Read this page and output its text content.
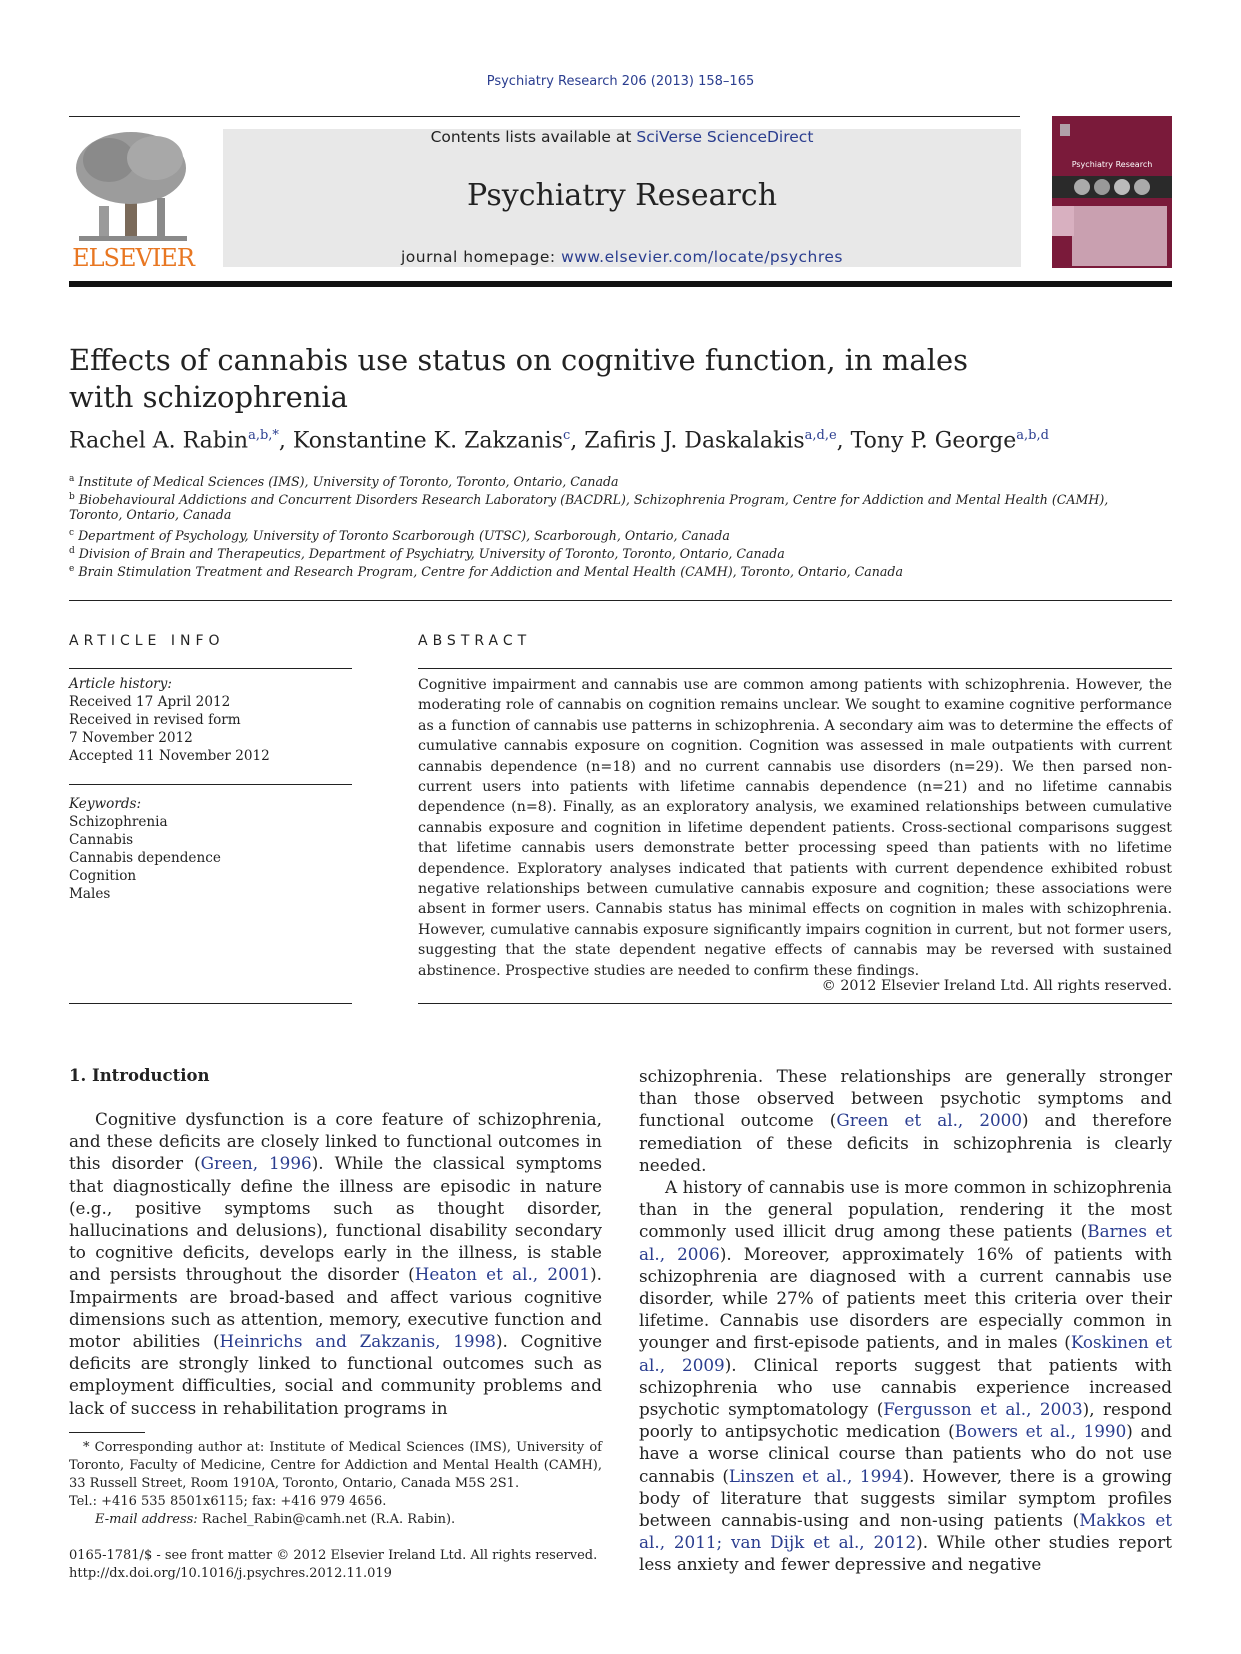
Psychiatry Research 206 (2013) 158–165
ELSEVIER
Contents lists available at SciVerse ScienceDirect
Psychiatry Research
journal homepage: www.elsevier.com/locate/psychres
Psychiatry Research
Effects of cannabis use status on cognitive function, in males
with schizophrenia
Rachel A. Rabin$^{a,b,*}$, Konstantine K. Zakzanis$^c$, Zafiris J. Daskalakis$^{a,d,e}$, Tony P. George$^{a,b,d}$
$^a$ Institute of Medical Sciences (IMS), University of Toronto, Toronto, Ontario, Canada
$^b$ Biobehavioural Addictions and Concurrent Disorders Research Laboratory (BACDRL), Schizophrenia Program, Centre for Addiction and Mental Health (CAMH),
Toronto, Ontario, Canada
$^c$ Department of Psychology, University of Toronto Scarborough (UTSC), Scarborough, Ontario, Canada
$^d$ Division of Brain and Therapeutics, Department of Psychiatry, University of Toronto, Toronto, Ontario, Canada
$^e$ Brain Stimulation Treatment and Research Program, Centre for Addiction and Mental Health (CAMH), Toronto, Ontario, Canada
ARTICLE INFO	ABSTRACT
Article history:
Received 17 April 2012
Received in revised form
7 November 2012
Accepted 11 November 2012
Keywords:
Schizophrenia
Cannabis
Cannabis dependence
Cognition
Males
Cognitive impairment and cannabis use are common among patients with schizophrenia. However, the moderating role of cannabis on cognition remains unclear. We sought to examine cognitive performance as a function of cannabis use patterns in schizophrenia. A secondary aim was to determine the effects of cumulative cannabis exposure on cognition. Cognition was assessed in male outpatients with current cannabis dependence (n=18) and no current cannabis use disorders (n=29). We then parsed non-current users into patients with lifetime cannabis dependence (n=21) and no lifetime cannabis dependence (n=8). Finally, as an exploratory analysis, we examined relationships between cumulative cannabis exposure and cognition in lifetime dependent patients. Cross-sectional comparisons suggest that lifetime cannabis users demonstrate better processing speed than patients with no lifetime dependence. Exploratory analyses indicated that patients with current dependence exhibited robust negative relationships between cumulative cannabis exposure and cognition; these associations were absent in former users. Cannabis status has minimal effects on cognition in males with schizophrenia. However, cumulative cannabis exposure significantly impairs cognition in current, but not former users, suggesting that the state dependent negative effects of cannabis may be reversed with sustained abstinence. Prospective studies are needed to confirm these findings.
© 2012 Elsevier Ireland Ltd. All rights reserved.
1. Introduction

Cognitive dysfunction is a core feature of schizophrenia, and these deficits are closely linked to functional outcomes in this disorder (Green, 1996). While the classical symptoms that diagnostically define the illness are episodic in nature (e.g., positive symptoms such as thought disorder, hallucinations and delusions), functional disability secondary to cognitive deficits, develops early in the illness, is stable and persists throughout the disorder (Heaton et al., 2001). Impairments are broad-based and affect various cognitive dimensions such as attention, memory, executive function and motor abilities (Heinrichs and Zakzanis, 1998). Cognitive deficits are strongly linked to functional outcomes such as employment difficulties, social and community problems and lack of success in rehabilitation programs in

schizophrenia. These relationships are generally stronger than those observed between psychotic symptoms and functional outcome (Green et al., 2000) and therefore remediation of these deficits in schizophrenia is clearly needed.

A history of cannabis use is more common in schizophrenia than in the general population, rendering it the most commonly used illicit drug among these patients (Barnes et al., 2006). Moreover, approximately 16% of patients with schizophrenia are diagnosed with a current cannabis use disorder, while 27% of patients meet this criteria over their lifetime. Cannabis use disorders are especially common in younger and first-episode patients, and in males (Koskinen et al., 2009). Clinical reports suggest that patients with schizophrenia who use cannabis experience increased psychotic symptomatology (Fergusson et al., 2003), respond poorly to antipsychotic medication (Bowers et al., 1990) and have a worse clinical course than patients who do not use cannabis (Linszen et al., 1994). However, there is a growing body of literature that suggests similar symptom profiles between cannabis-using and non-using patients (Makkos et al., 2011; van Dijk et al., 2012). While other studies report less anxiety and fewer depressive and negative

* Corresponding author at: Institute of Medical Sciences (IMS), University of Toronto, Faculty of Medicine, Centre for Addiction and Mental Health (CAMH), 33 Russell Street, Room 1910A, Toronto, Ontario, Canada M5S 2S1.
Tel.: +416 535 8501x6115; fax: +416 979 4656.
E-mail address: Rachel_Rabin@camh.net (R.A. Rabin).
0165-1781/$ - see front matter © 2012 Elsevier Ireland Ltd. All rights reserved.
http://dx.doi.org/10.1016/j.psychres.2012.11.019
